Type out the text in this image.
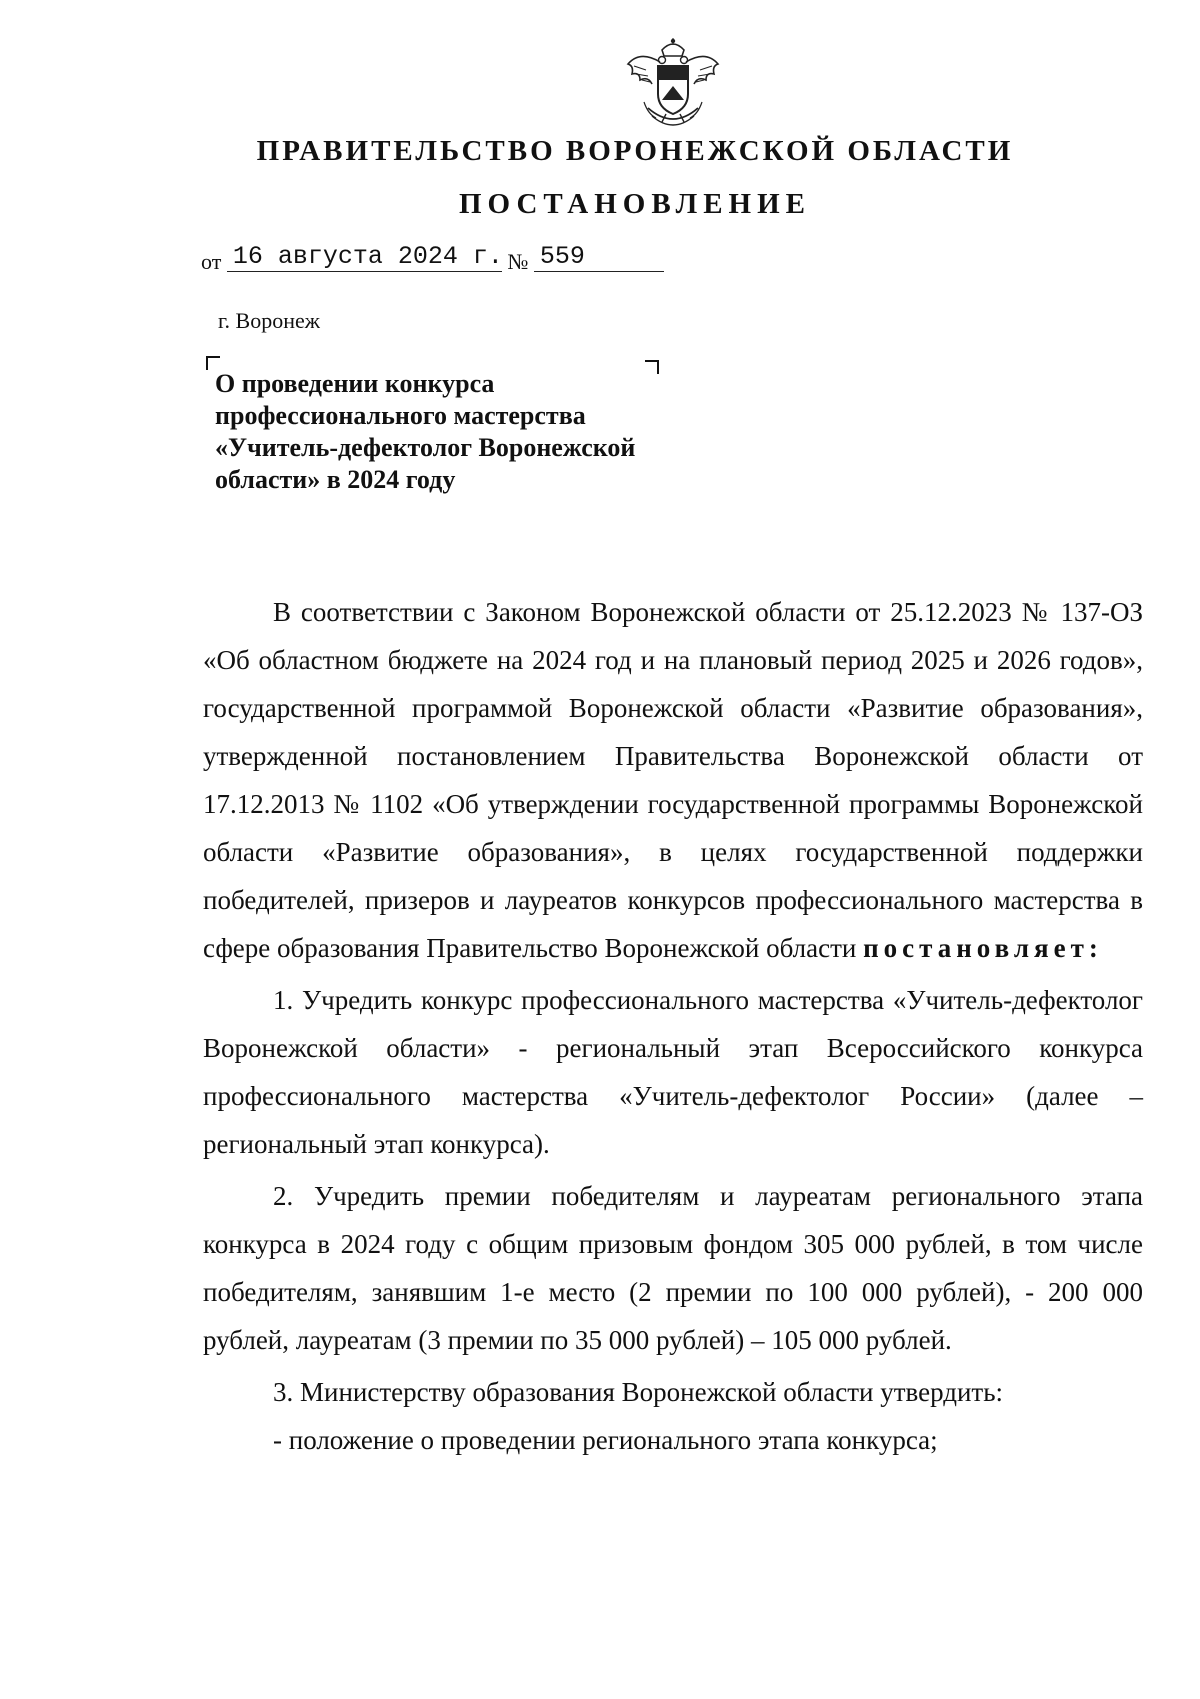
ПРАВИТЕЛЬСТВО ВОРОНЕЖСКОЙ ОБЛАСТИ
ПОСТАНОВЛЕНИЕ
от 16 августа 2024 г. № 559
г. Воронеж
О проведении конкурса
профессионального мастерства
«Учитель-дефектолог Воронежской
области» в 2024 году

В соответствии с Законом Воронежской области от 25.12.2023 № 137-ОЗ «Об областном бюджете на 2024 год и на плановый период 2025 и 2026 годов», государственной программой Воронежской области «Развитие образования», утвержденной постановлением Правительства Воронежской области от 17.12.2013 № 1102 «Об утверждении государственной программы Воронежской области «Развитие образования», в целях государственной поддержки победителей, призеров и лауреатов конкурсов профессионального мастерства в сфере образования Правительство Воронежской области постановляет:

1. Учредить конкурс профессионального мастерства «Учитель-дефектолог Воронежской области» - региональный этап Всероссийского конкурса профессионального мастерства «Учитель-дефектолог России» (далее – региональный этап конкурса).

2. Учредить премии победителям и лауреатам регионального этапа конкурса в 2024 году с общим призовым фондом 305 000 рублей, в том числе победителям, занявшим 1-е место (2 премии по 100 000 рублей), - 200 000 рублей, лауреатам (3 премии по 35 000 рублей) – 105 000 рублей.

3. Министерству образования Воронежской области утвердить:

- положение о проведении регионального этапа конкурса;
